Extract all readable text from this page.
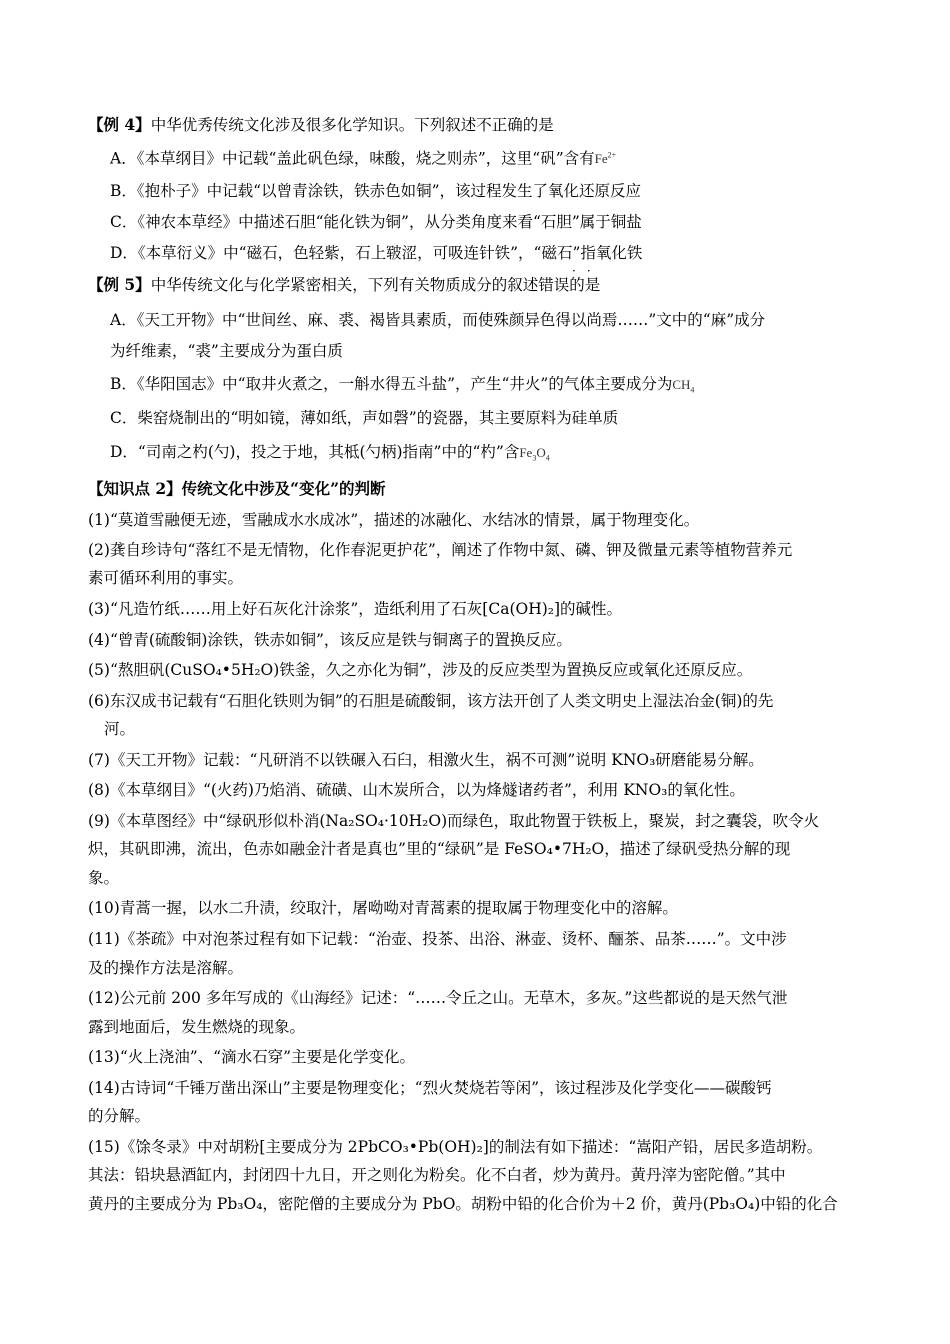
【例 4】中华优秀传统文化涉及很多化学知识。下列叙述不正确的是
A．《本草纲目》中记载“盖此矾色绿，味酸，烧之则赤”，这里“矾”含有$Fe^{2+}$
B．《抱朴子》中记载“以曾青涂铁，铁赤色如铜”，该过程发生了氧化还原反应
C．《神农本草经》中描述石胆“能化铁为铜”，从分类角度来看“石胆”属于铜盐
D．《本草衍义》中“磁石，色轻紫，石上皲涩，可吸连针铁”，“磁石”指氧化铁
··
【例 5】中华传统文化与化学紧密相关，下列有关物质成分的叙述错误的是
A．《天工开物》中“世间丝、麻、裘、褐皆具素质，而使殊颜异色得以尚焉……”文中的“麻”成分
为纤维素，“裘”主要成分为蛋白质
B．《华阳国志》中“取井火煮之，一斛水得五斗盐”，产生“井火”的气体主要成分为$CH_4$
C．柴窑烧制出的“明如镜，薄如纸，声如磬”的瓷器，其主要原料为硅单质
D．“司南之杓(勺)，投之于地，其柢(勺柄)指南”中的“杓”含$Fe_3O_4$
【知识点 2】传统文化中涉及“变化”的判断
(1)“莫道雪融便无迹，雪融成水水成冰”，描述的冰融化、水结冰的情景，属于物理变化。
(2)龚自珍诗句“落红不是无情物，化作春泥更护花”，阐述了作物中氮、磷、钾及微量元素等植物营养元
素可循环利用的事实。
(3)“凡造竹纸……用上好石灰化汁涂浆”，造纸利用了石灰[Ca(OH)₂]的碱性。
(4)“曾青(硫酸铜)涂铁，铁赤如铜”，该反应是铁与铜离子的置换反应。
(5)“熬胆矾(CuSO₄•5H₂O)铁釜，久之亦化为铜”，涉及的反应类型为置换反应或氧化还原反应。
(6)东汉成书记载有“石胆化铁则为铜”的石胆是硫酸铜，该方法开创了人类文明史上湿法冶金(铜)的先
河。
(7)《天工开物》记载：“凡研消不以铁碾入石臼，相激火生，祸不可测”说明 KNO₃研磨能易分解。
(8)《本草纲目》“(火药)乃焰消、硫磺、山木炭所合，以为烽燧诸药者”，利用 KNO₃的氧化性。
(9)《本草图经》中“绿矾形似朴消(Na₂SO₄·10H₂O)而绿色，取此物置于铁板上，聚炭，封之囊袋，吹令火
炽，其矾即沸，流出，色赤如融金汁者是真也”里的“绿矾”是 FeSO₄•7H₂O，描述了绿矾受热分解的现
象。
(10)青蒿一握，以水二升渍，绞取汁，屠呦呦对青蒿素的提取属于物理变化中的溶解。
(11)《茶疏》中对泡茶过程有如下记载：“治壶、投茶、出浴、淋壶、烫杯、酾茶、品茶……”。文中涉
及的操作方法是溶解。
(12)公元前 200 多年写成的《山海经》记述：“……令丘之山。无草木，多灰。”这些都说的是天然气泄
露到地面后，发生燃烧的现象。
(13)“火上浇油”、“滴水石穿”主要是化学变化。
(14)古诗词“千锤万凿出深山”主要是物理变化；“烈火焚烧若等闲”，该过程涉及化学变化——碳酸钙
的分解。
(15)《馀冬录》中对胡粉[主要成分为 2PbCO₃•Pb(OH)₂]的制法有如下描述：“嵩阳产铅，居民多造胡粉。
其法：铅块悬酒缸内，封闭四十九日，开之则化为粉矣。化不白者，炒为黄丹。黄丹滓为密陀僧。”其中
黄丹的主要成分为 Pb₃O₄，密陀僧的主要成分为 PbO。胡粉中铅的化合价为＋2 价，黄丹(Pb₃O₄)中铅的化合
